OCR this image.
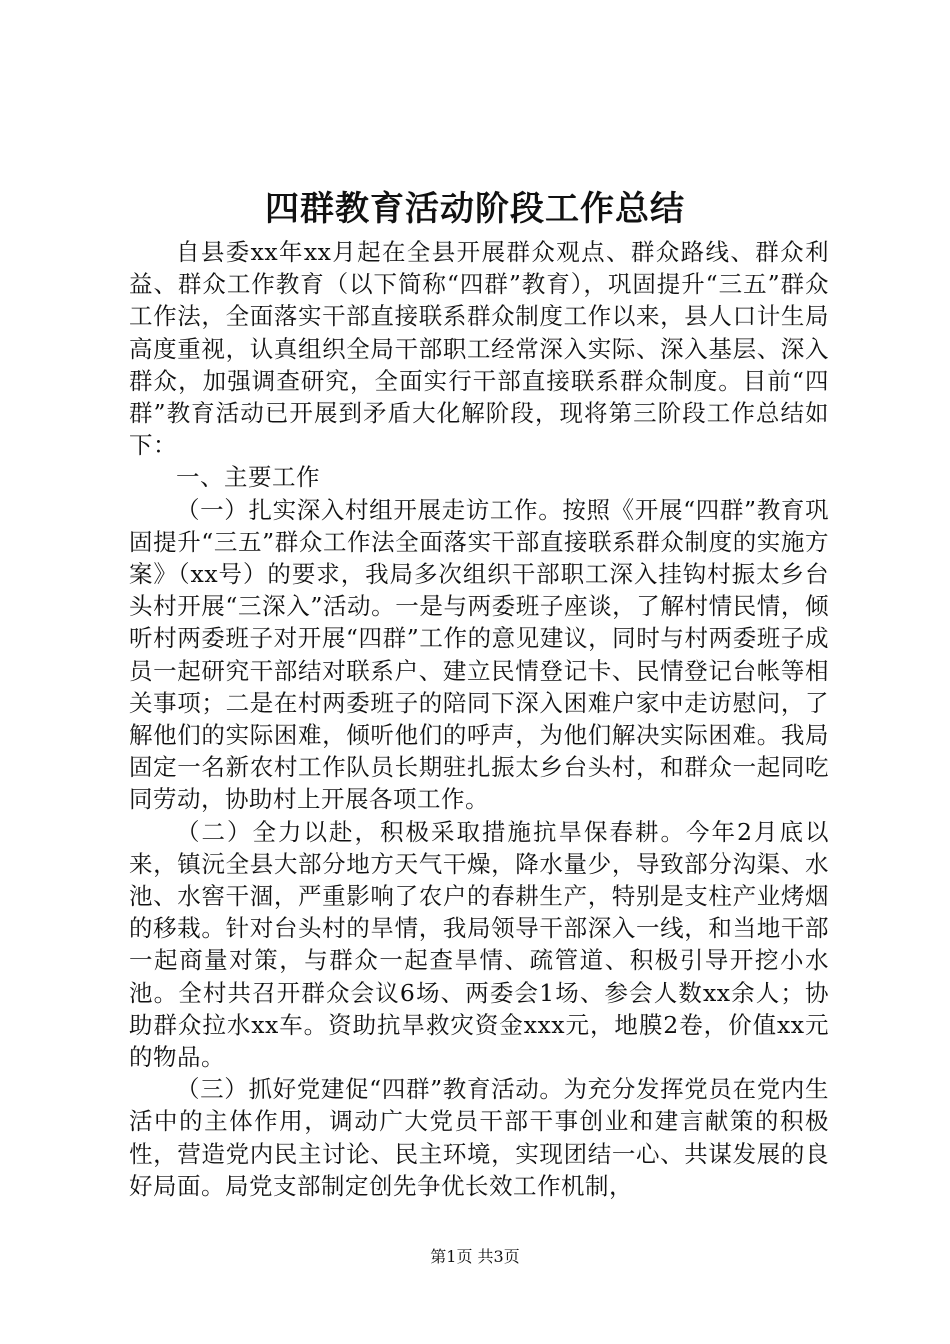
四群教育活动阶段工作总结

自县委xx年xx月起在全县开展群众观点、群众路线、群众利益、群众工作教育（以下简称“四群”教育），巩固提升“三五”群众工作法，全面落实干部直接联系群众制度工作以来，县人口计生局高度重视，认真组织全局干部职工经常深入实际、深入基层、深入群众，加强调查研究，全面实行干部直接联系群众制度。目前“四群”教育活动已开展到矛盾大化解阶段，现将第三阶段工作总结如下：

一、主要工作

（一）扎实深入村组开展走访工作。按照《开展“四群”教育巩固提升“三五”群众工作法全面落实干部直接联系群众制度的实施方案》（xx号）的要求，我局多次组织干部职工深入挂钩村振太乡台头村开展“三深入”活动。一是与两委班子座谈，了解村情民情，倾听村两委班子对开展“四群”工作的意见建议，同时与村两委班子成员一起研究干部结对联系户、建立民情登记卡、民情登记台帐等相关事项；二是在村两委班子的陪同下深入困难户家中走访慰问，了解他们的实际困难，倾听他们的呼声，为他们解决实际困难。我局固定一名新农村工作队员长期驻扎振太乡台头村，和群众一起同吃同劳动，协助村上开展各项工作。

（二）全力以赴，积极采取措施抗旱保春耕。今年2月底以来，镇沅全县大部分地方天气干燥，降水量少，导致部分沟渠、水池、水窖干涸，严重影响了农户的春耕生产，特别是支柱产业烤烟的移栽。针对台头村的旱情，我局领导干部深入一线，和当地干部一起商量对策，与群众一起查旱情、疏管道、积极引导开挖小水池。全村共召开群众会议6场、两委会1场、参会人数xx余人；协助群众拉水xx车。资助抗旱救灾资金xxx元，地膜2卷，价值xx元的物品。

（三）抓好党建促“四群”教育活动。为充分发挥党员在党内生活中的主体作用，调动广大党员干部干事创业和建言献策的积极性，营造党内民主讨论、民主环境，实现团结一心、共谋发展的良好局面。局党支部制定创先争优长效工作机制，

第1页 共3页
